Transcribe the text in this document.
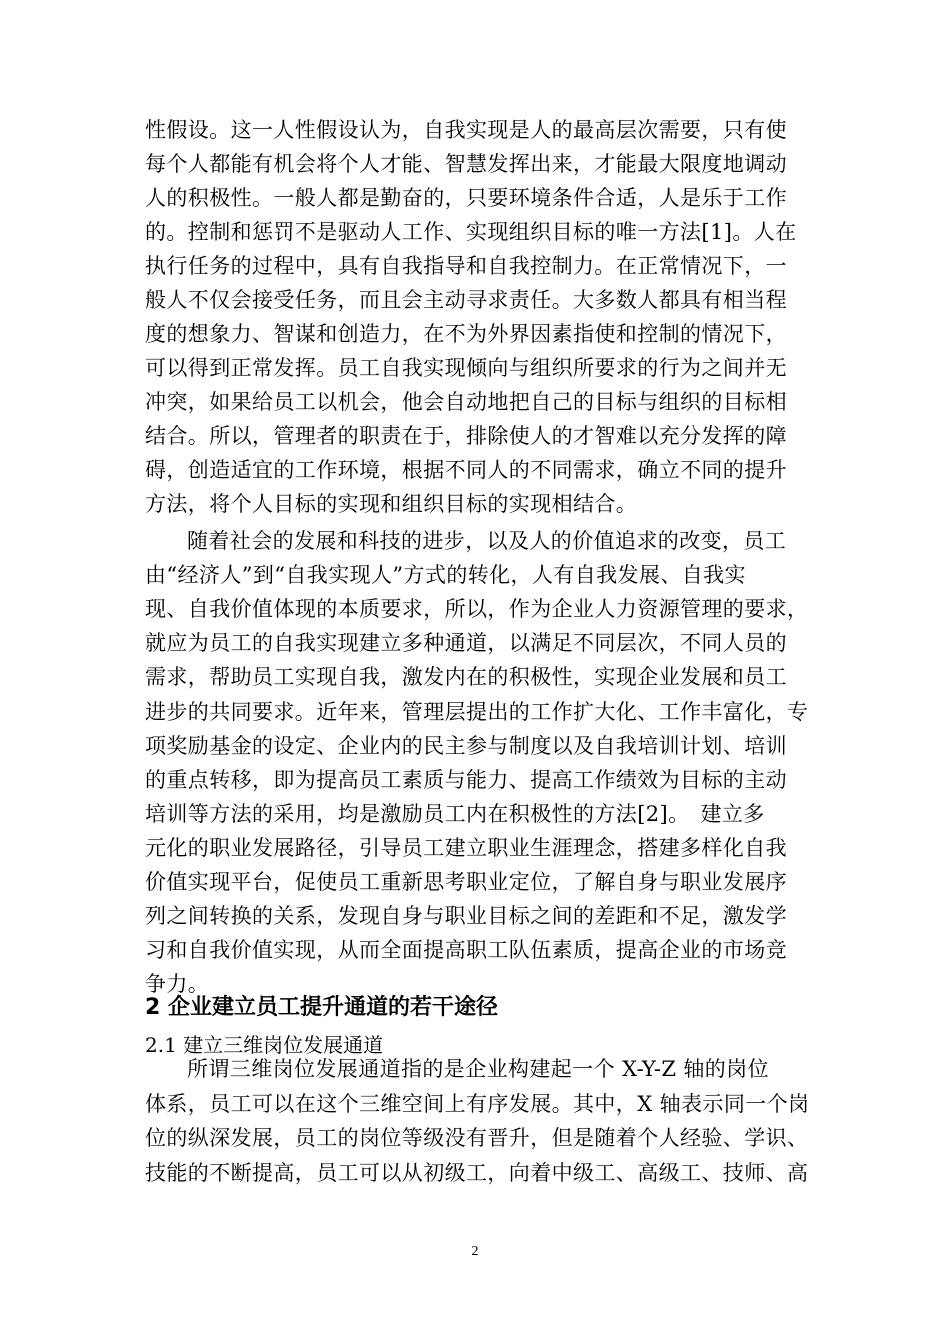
性假设。这一人性假设认为，自我实现是人的最高层次需要，只有使
每个人都能有机会将个人才能、智慧发挥出来，才能最大限度地调动
人的积极性。一般人都是勤奋的，只要环境条件合适，人是乐于工作
的。控制和惩罚不是驱动人工作、实现组织目标的唯一方法[1]。人在
执行任务的过程中，具有自我指导和自我控制力。在正常情况下，一
般人不仅会接受任务，而且会主动寻求责任。大多数人都具有相当程
度的想象力、智谋和创造力，在不为外界因素指使和控制的情况下，
可以得到正常发挥。员工自我实现倾向与组织所要求的行为之间并无
冲突，如果给员工以机会，他会自动地把自己的目标与组织的目标相
结合。所以，管理者的职责在于，排除使人的才智难以充分发挥的障
碍，创造适宜的工作环境，根据不同人的不同需求，确立不同的提升
方法，将个人目标的实现和组织目标的实现相结合。
随着社会的发展和科技的进步，以及人的价值追求的改变，员工
由“经济人”到“自我实现人”方式的转化，人有自我发展、自我实
现、自我价值体现的本质要求，所以，作为企业人力资源管理的要求，
就应为员工的自我实现建立多种通道，以满足不同层次，不同人员的
需求，帮助员工实现自我，激发内在的积极性，实现企业发展和员工
进步的共同要求。近年来，管理层提出的工作扩大化、工作丰富化，专
项奖励基金的设定、企业内的民主参与制度以及自我培训计划、培训
的重点转移，即为提高员工素质与能力、提高工作绩效为目标的主动
培训等方法的采用，均是激励员工内在积极性的方法[2]。　建立多
元化的职业发展路径，引导员工建立职业生涯理念，搭建多样化自我
价值实现平台，促使员工重新思考职业定位，了解自身与职业发展序
列之间转换的关系，发现自身与职业目标之间的差距和不足，激发学
习和自我价值实现，从而全面提高职工队伍素质，提高企业的市场竞
争力。
2 企业建立员工提升通道的若干途径
2.1 建立三维岗位发展通道
所谓三维岗位发展通道指的是企业构建起一个 X-Y-Z 轴的岗位
体系，员工可以在这个三维空间上有序发展。其中，X 轴表示同一个岗
位的纵深发展，员工的岗位等级没有晋升，但是随着个人经验、学识、
技能的不断提高，员工可以从初级工，向着中级工、高级工、技师、高
2
